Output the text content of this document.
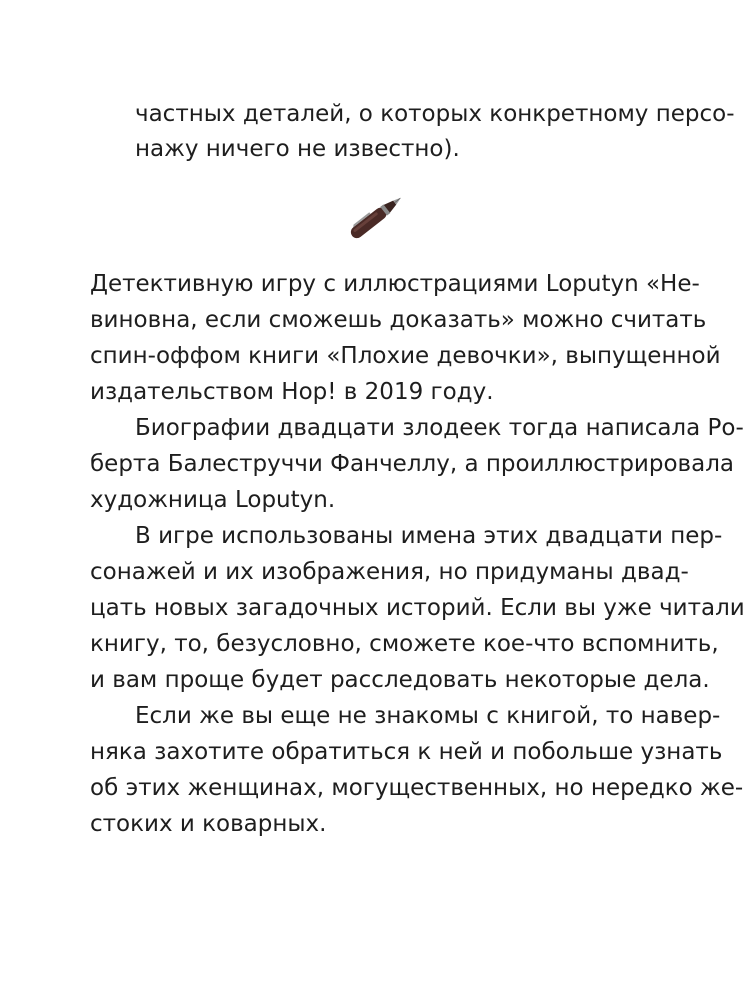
частных деталей, о которых конкретному персо-

нажу ничего не известно).

Детективную игру с иллюстрациями Loputyn «Не-

виновна, если сможешь доказать» можно считать

спин-оффом книги «Плохие девочки», выпущенной

издательством Нор! в 2019 году.

Биографии двадцати злодеек тогда написала Ро-

берта Балеструччи Фанчеллу, а проиллюстрировала

художница Loputyn.

В игре использованы имена этих двадцати пер-

сонажей и их изображения, но придуманы двад-

цать новых загадочных историй. Если вы уже читали

книгу, то, безусловно, сможете кое-что вспомнить,

и вам проще будет расследовать некоторые дела.

Если же вы еще не знакомы с книгой, то навер-

няка захотите обратиться к ней и побольше узнать

об этих женщинах, могущественных, но нередко же-

стоких и коварных.
